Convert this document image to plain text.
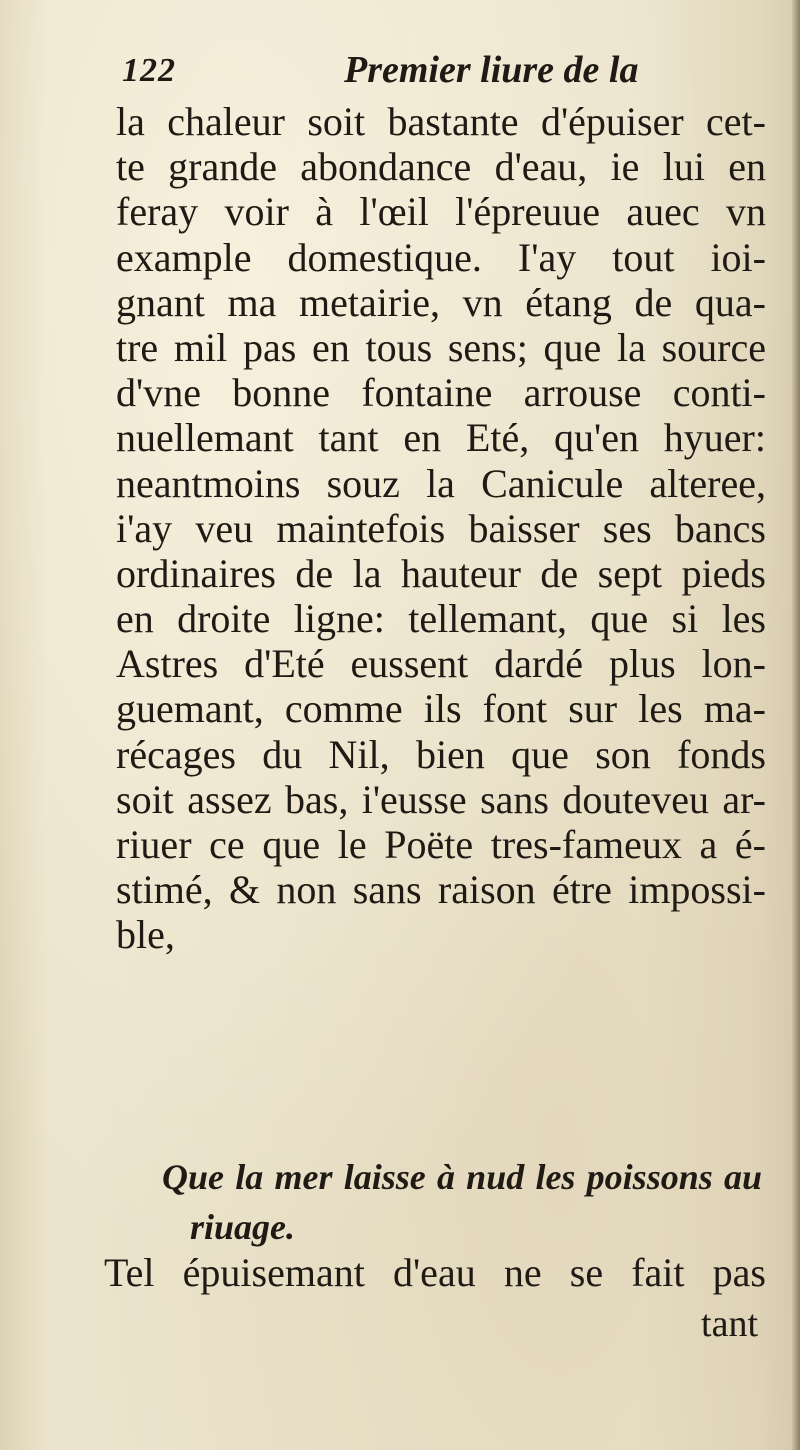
122	Premier liure de la
la chaleur soit bastante d'épuiser cet-
te grande abondance d'eau, ie lui en
feray voir à l'œil l'épreuue auec vn
example domestique. I'ay tout ioi-
gnant ma metairie, vn étang de qua-
tre mil pas en tous sens; que la source
d'vne bonne fontaine arrouse conti-
nuellemant tant en Eté, qu'en hyuer:
neantmoins souz la Canicule alteree,
i'ay veu maintefois baisser ses bancs
ordinaires de la hauteur de sept pieds
en droite ligne: tellemant, que si les
Astres d'Eté eussent dardé plus lon-
guemant, comme ils font sur les ma-
récages du Nil, bien que son fonds
soit assez bas, i'eusse sans douteveu ar-
riuer ce que le Poëte tres-fameux a é-
stimé, & non sans raison étre impossi-
ble,
Que la mer laisse à nud les poissons au
riuage.
Tel épuisemant d'eau ne se fait pas
tant
